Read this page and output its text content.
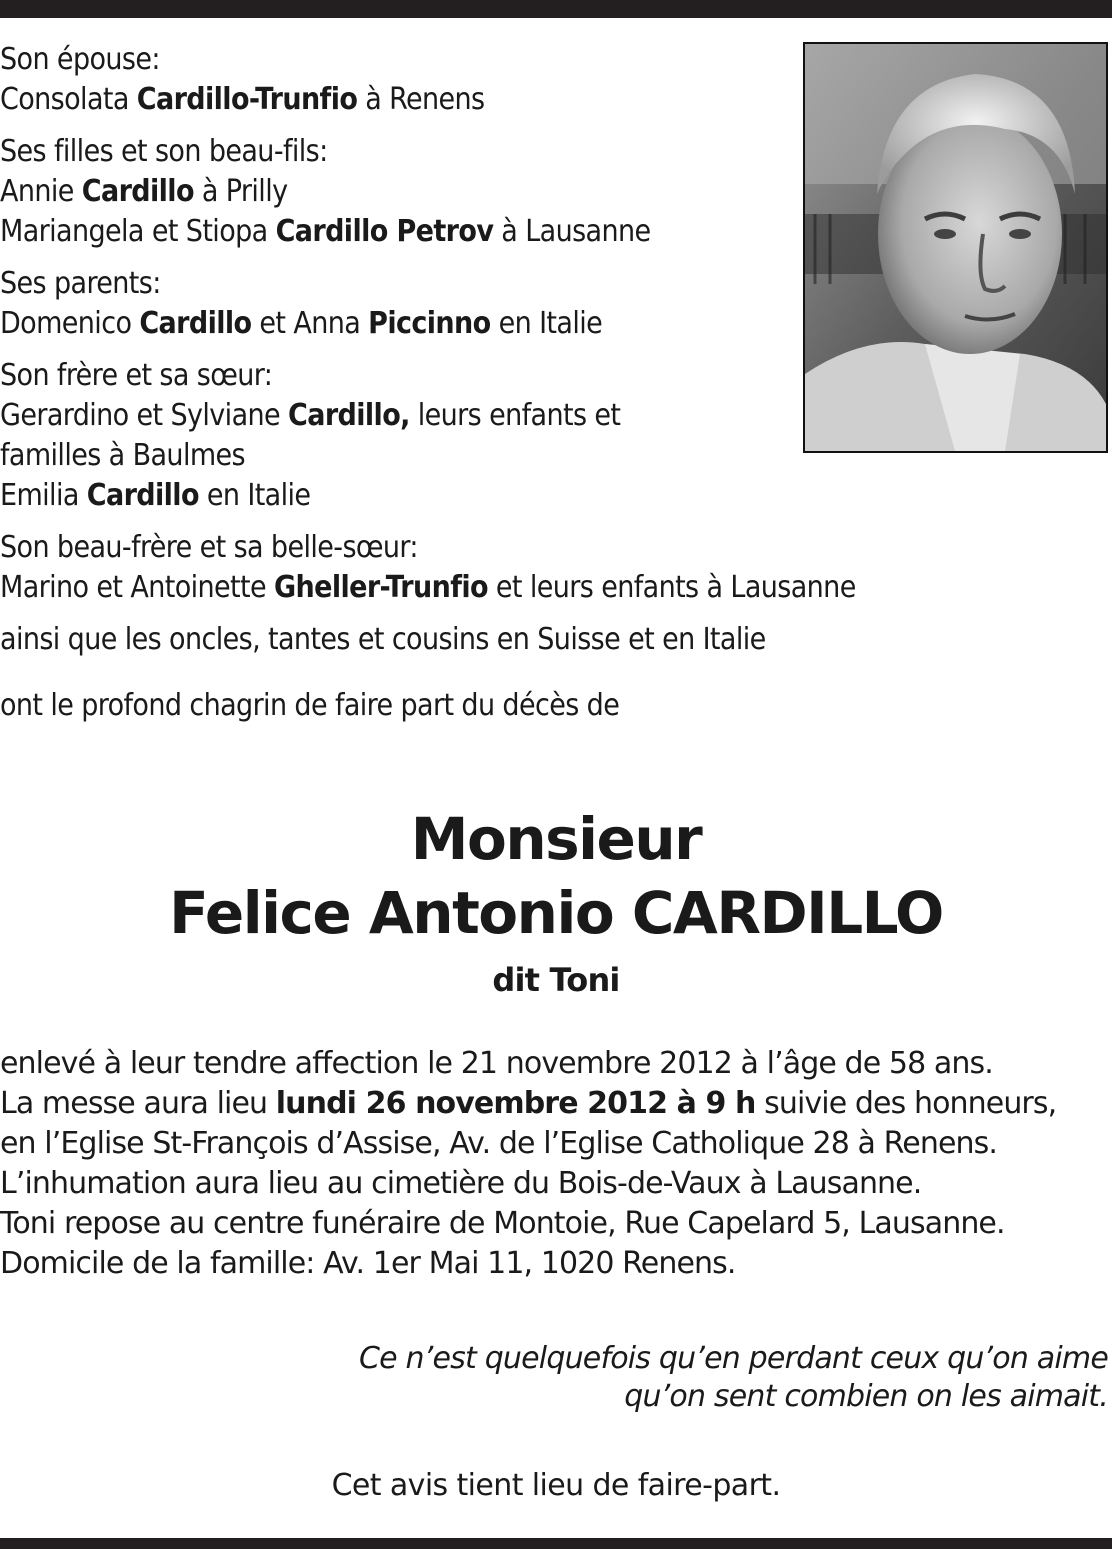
Son épouse:
Consolata Cardillo-Trunfio à Renens
Ses filles et son beau-fils:
Annie Cardillo à Prilly
Mariangela et Stiopa Cardillo Petrov à Lausanne
Ses parents:
Domenico Cardillo et Anna Piccinno en Italie
Son frère et sa sœur:
Gerardino et Sylviane Cardillo, leurs enfants et
familles à Baulmes
Emilia Cardillo en Italie
Son beau-frère et sa belle-sœur:
Marino et Antoinette Gheller-Trunfio et leurs enfants à Lausanne
ainsi que les oncles, tantes et cousins en Suisse et en Italie
ont le profond chagrin de faire part du décès de
Monsieur
Felice Antonio CARDILLO
dit Toni
enlevé à leur tendre affection le 21 novembre 2012 à l’âge de 58 ans.
La messe aura lieu lundi 26 novembre 2012 à 9 h suivie des honneurs,
en l’Eglise St-François d’Assise, Av. de l’Eglise Catholique 28 à Renens.
L’inhumation aura lieu au cimetière du Bois-de-Vaux à Lausanne.
Toni repose au centre funéraire de Montoie, Rue Capelard 5, Lausanne.
Domicile de la famille: Av. 1er Mai 11, 1020 Renens.
Ce n’est quelquefois qu’en perdant ceux qu’on aime
qu’on sent combien on les aimait.
Cet avis tient lieu de faire-part.
